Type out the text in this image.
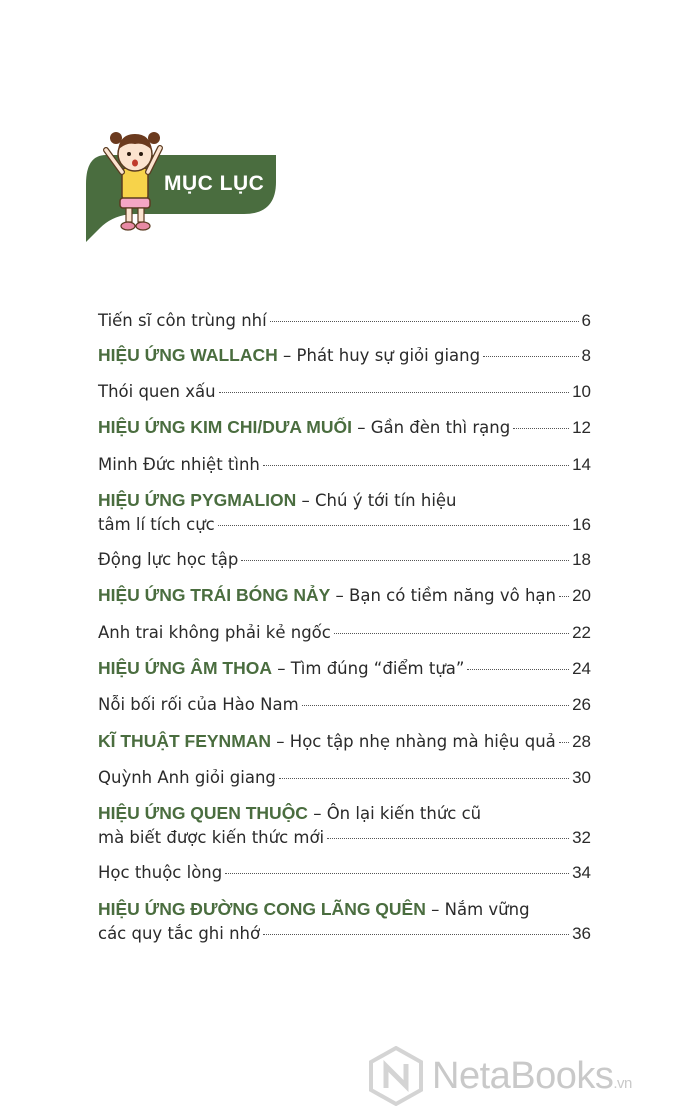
MỤC LỤC
Tiến sĩ côn trùng nhí	6
HIỆU ỨNG WALLACH – Phát huy sự giỏi giang	8
Thói quen xấu	10
HIỆU ỨNG KIM CHI/DƯA MUỐI – Gần đèn thì rạng	12
Minh Đức nhiệt tình	14
HIỆU ỨNG PYGMALION – Chú ý tới tín hiệu
tâm lí tích cực	16
Động lực học tập	18
HIỆU ỨNG TRÁI BÓNG NẢY – Bạn có tiềm năng vô hạn 20
Anh trai không phải kẻ ngốc	22
HIỆU ỨNG ÂM THOA – Tìm đúng “điểm tựa”	24
Nỗi bối rối của Hào Nam	26
KĨ THUẬT FEYNMAN – Học tập nhẹ nhàng mà hiệu quả 28
Quỳnh Anh giỏi giang	30
HIỆU ỨNG QUEN THUỘC – Ôn lại kiến thức cũ
mà biết được kiến thức mới	32
Học thuộc lòng	34
HIỆU ỨNG ĐƯỜNG CONG LÃNG QUÊN – Nắm vững
các quy tắc ghi nhớ	36
NetaBooks.vn
